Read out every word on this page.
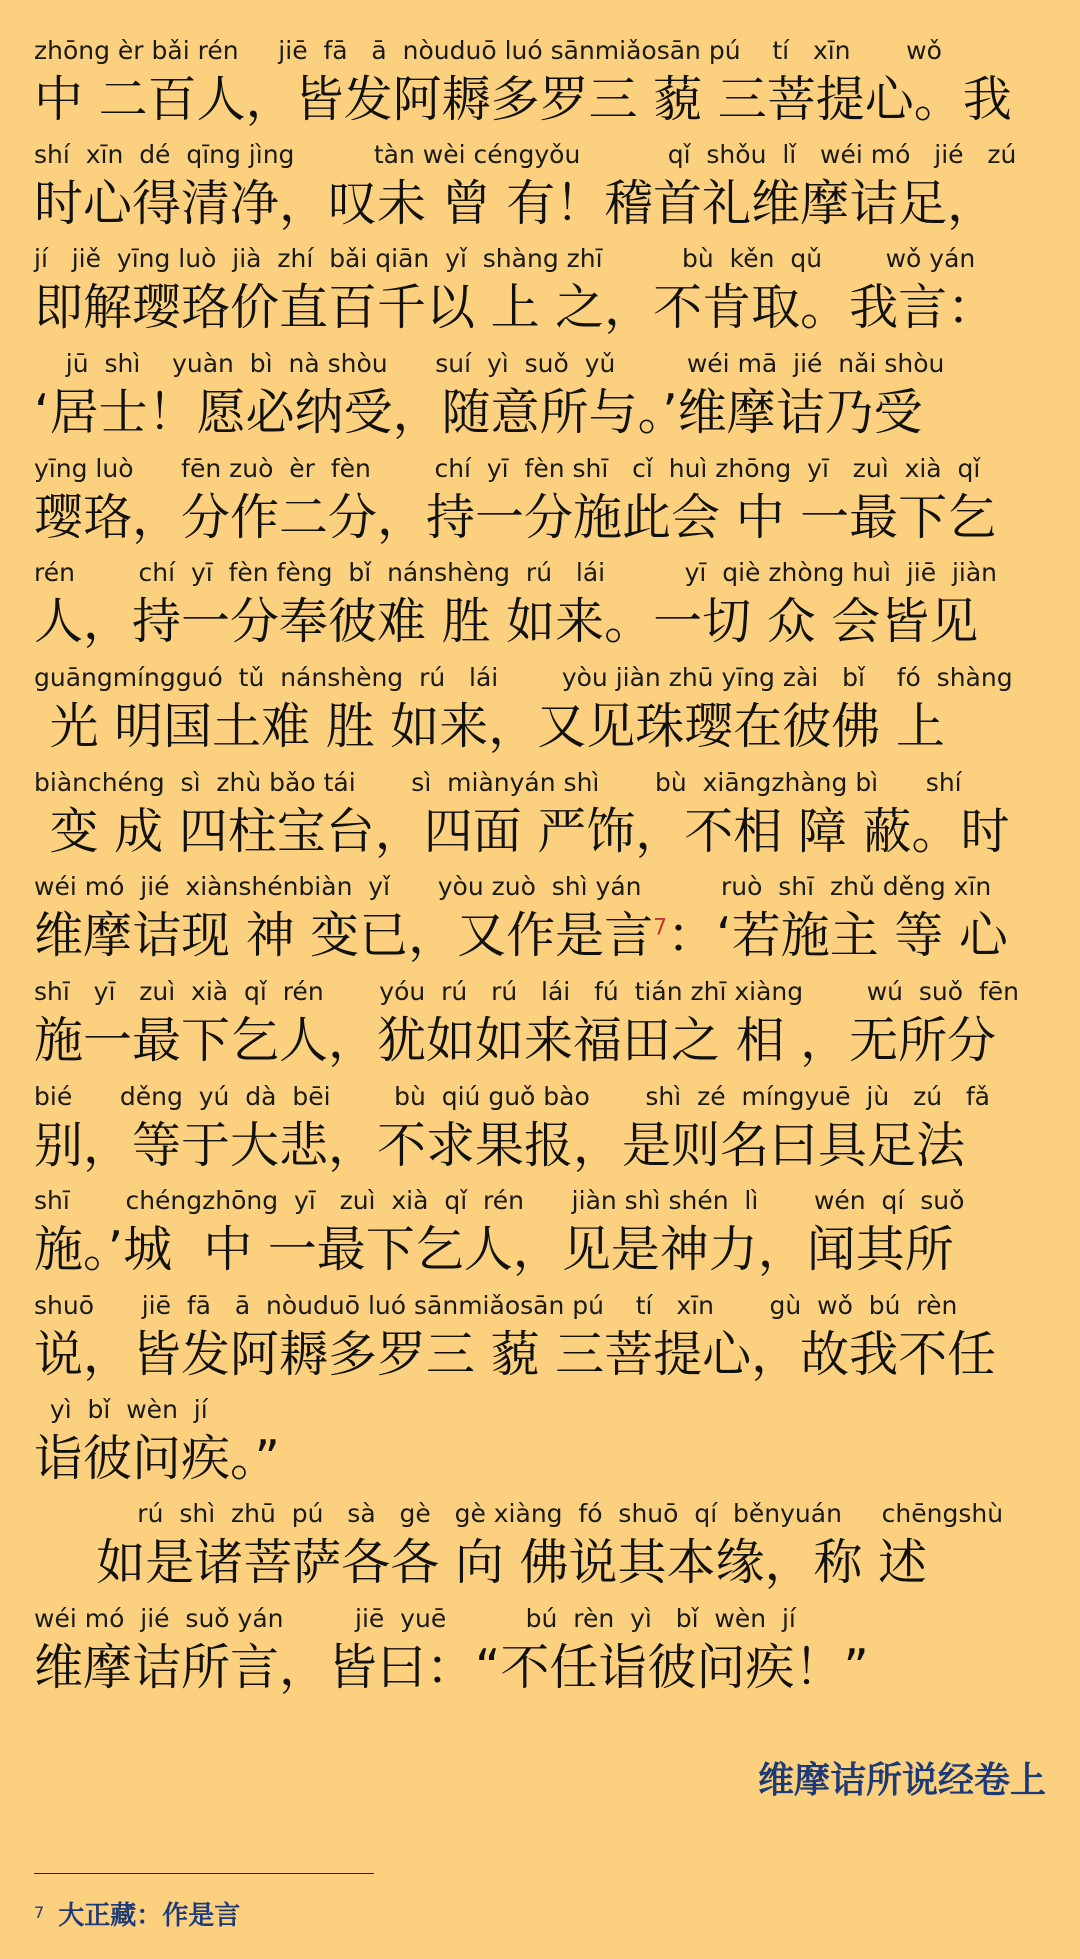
zhōng èr bǎi rén     jiē  fā   ā  nòuduō luó sānmiǎosān pú    tí   xīn       wǒ
中 二百人，皆发阿耨多罗三 藐 三菩提心。我
shí  xīn  dé  qīng jìng          tàn wèi céngyǒu           qǐ  shǒu  lǐ   wéi mó   jié   zú
时心得清净，叹未 曾 有！稽首礼维摩诘足，
jí   jiě  yīng luò  jià  zhí  bǎi qiān  yǐ  shàng zhī          bù  kěn  qǔ        wǒ yán
即解璎珞价直百千以 上 之，不肯取。我言：
jū  shì    yuàn  bì  nà shòu      suí  yì  suǒ  yǔ         wéi mā  jié  nǎi shòu
‘居士！愿必纳受，随意所与。’维摩诘乃受
yīng luò      fēn zuò  èr  fèn        chí  yī  fèn shī   cǐ  huì zhōng  yī   zuì  xià  qǐ
璎珞，分作二分，持一分施此会 中 一最下乞
rén        chí  yī  fèn fèng  bǐ  nánshèng  rú   lái          yī  qiè zhòng huì  jiē  jiàn
人，持一分奉彼难 胜 如来。一切 众 会皆见
guāngmíngguó  tǔ  nánshèng  rú   lái        yòu jiàn zhū yīng zài   bǐ    fó  shàng
光 明国土难 胜 如来，又见珠璎在彼佛 上
biànchéng  sì  zhù bǎo tái       sì  miànyán shì       bù  xiāngzhàng bì      shí
变 成 四柱宝台，四面 严饰，不相 障 蔽。时
wéi mó  jié  xiànshénbiàn  yǐ      yòu zuò  shì yán          ruò  shī  zhǔ děng xīn
维摩诘现 神 变已，又作是言$^7$：‘若施主 等 心
shī   yī   zuì  xià  qǐ  rén       yóu  rú   rú   lái   fú  tián zhī xiàng        wú  suǒ  fēn
施一最下乞人，犹如如来福田之 相 ，无所分
bié      děng  yú  dà  bēi        bù  qiú guǒ bào       shì  zé  míngyuē  jù   zú   fǎ
别，等于大悲，不求果报，是则名曰具足法
shī       chéngzhōng  yī   zuì  xià  qǐ  rén      jiàn shì shén  lì       wén  qí  suǒ
施。’城  中 一最下乞人，见是神力，闻其所
shuō      jiē  fā   ā  nòuduō luó sānmiǎosān pú    tí   xīn       gù  wǒ  bú  rèn
说，皆发阿耨多罗三 藐 三菩提心，故我不任
yì  bǐ  wèn  jí
诣彼问疾。”
rú  shì  zhū  pú   sà   gè   gè xiàng  fó  shuō  qí  běnyuán     chēngshù
如是诸菩萨各各 向 佛说其本缘，称 述
wéi mó  jié  suǒ yán         jiē  yuē          bú  rèn  yì   bǐ  wèn  jí
维摩诘所言，皆曰：“不任诣彼问疾！”
维摩诘所说经卷上
7 大正藏：作是言
